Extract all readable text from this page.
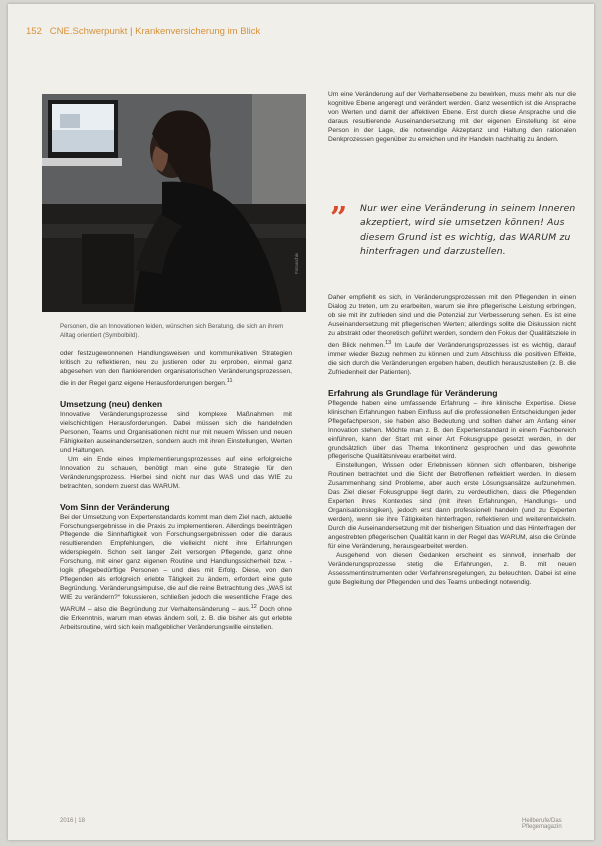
152 CNE.Schwerpunkt | Krankenversicherung im Blick
Fotoarchiv
Personen, die an Innovationen leiden, wünschen sich Beratung, die sich an ihrem Alltag orientiert (Symbolbild).

oder festzugewonnenen Handlungsweisen und kommunikativen Strategien kritisch zu reflektieren, neu zu justieren oder zu erproben, einmal ganz abgesehen von den flankierenden organisatorischen Veränderungsprozessen, die in der Regel ganz eigene Herausforderungen bergen.$^{11}$

Umsetzung (neu) denken

Innovative Veränderungsprozesse sind komplexe Maßnahmen mit vielschichtigen Herausforderungen. Dabei müssen sich die handelnden Personen, Teams und Organisationen nicht nur mit neuem Wissen und neuen Fähigkeiten auseinandersetzen, sondern auch mit ihren Einstellungen, Werten und Haltungen.

Um ein Ende eines Implementierungsprozesses auf eine erfolgreiche Innovation zu schauen, benötigt man eine gute Strategie für den Veränderungsprozess. Hierbei sind nicht nur das WAS und das WIE zu betrachten, sondern zuerst das WARUM.

Vom Sinn der Veränderung

Bei der Umsetzung von Expertenstandards kommt man dem Ziel nach, aktuelle Forschungsergebnisse in die Praxis zu implementieren. Allerdings beeinträgen Pflegende die Sinnhaftigkeit von Forschungsergebnissen oder die daraus resultierenden Empfehlungen, die vielleicht nicht ihre Erfahrungen widerspiegeln. Schon seit langer Zeit versorgen Pflegende, ganz ohne Forschung, mit einer ganz eigenen Routine und Handlungssicherheit bzw. -logik pflegebedürftige Personen – und dies mit Erfolg. Diese, von den Pflegenden als erfolgreich erlebte Tätigkeit zu ändern, erfordert eine gute Begründung. Veränderungsimpulse, die auf die reine Betrachtung des „WAS ist WIE zu verändern?“ fokussieren, schließen jedoch die wesentliche Frage des WARUM – also die Begründung zur Verhaltensänderung – aus.$^{12}$ Doch ohne die Erkenntnis, warum man etwas ändern soll, z. B. die bisher als gut erlebte Arbeitsroutine, wird sich kein maßgeblicher Veränderungswille einstellen.

Um eine Veränderung auf der Verhaltensebene zu bewirken, muss mehr als nur die kognitive Ebene angeregt und verändert werden. Ganz wesentlich ist die Ansprache von Werten und damit der affektiven Ebene. Erst durch diese Ansprache und die daraus resultierende Auseinandersetzung mit der eigenen Einstellung ist eine Person in der Lage, die notwendige Akzeptanz und Haltung den rationalen Denkprozessen gegenüber zu erreichen und ihr Handeln nachhaltig zu ändern.

” Nur wer eine Veränderung in seinem Inneren akzeptiert, wird sie umsetzen können! Aus diesem Grund ist es wichtig, das WARUM zu hinterfragen und darzustellen.

Daher empfiehlt es sich, in Veränderungsprozessen mit den Pflegenden in einen Dialog zu treten, um zu erarbeiten, warum sie ihre pflegerische Leistung erbringen, ob sie mit ihr zufrieden sind und die Potenzial zur Verbesserung sehen. Es ist eine Auseinandersetzung mit pflegerischen Werten; allerdings sollte die Diskussion nicht zu abstrakt oder theoretisch geführt werden, sondern den Fokus der Qualitätsziele in den Blick nehmen.$^{13}$ Im Laufe der Veränderungsprozesses ist es wichtig, darauf immer wieder Bezug nehmen zu können und zum Abschluss die positiven Effekte, die sich durch die Veränderungen ergeben haben, deutlich herauszustellen (z. B. die Zufriedenheit der Patienten).

Erfahrung als Grundlage für Veränderung

Pflegende haben eine umfassende Erfahrung – ihre klinische Expertise. Diese klinischen Erfahrungen haben Einfluss auf die professionellen Entscheidungen jeder Pflegefachperson, sie haben also Bedeutung und sollten daher am Anfang einer Innovation stehen. Möchte man z. B. den Expertenstandard in einem Fachbereich einführen, kann der Start mit einer Art Fokusgruppe gesetzt werden, in der grundsätzlich über das Thema Inkontinenz gesprochen und das gewohnte pflegerische Qualitätsniveau erarbeitet wird.

Einstellungen, Wissen oder Erlebnissen können sich offenbaren, bisherige Routinen betrachtet und die Sicht der Betroffenen reflektiert werden. In diesem Zusammenhang sind Probleme, aber auch erste Lösungsansätze aufzunehmen. Das Ziel dieser Fokusgruppe liegt darin, zu verdeutlichen, dass die Pflegenden Experten ihres Kontextes sind (mit ihren Erfahrungen, Handlungs- und Organisationslogiken), jedoch erst dann professionell handeln (und zu Experten werden), wenn sie ihre Tätigkeiten hinterfragen, reflektieren und weiterentwickeln. Durch die Auseinandersetzung mit der bisherigen Situation und das Hinterfragen der angestrebten pflegerischen Qualität kann in der Regel das WARUM, also die Gründe für eine Veränderung, herausgearbeitet werden.

Ausgehend von diesen Gedanken erscheint es sinnvoll, innerhalb der Veränderungsprozesse stetig die Erfahrungen, z. B. mit neuen Assessmentinstrumenten oder Verfahrensregelungen, zu beleuchten. Dabei ist eine gute Begleitung der Pflegenden und des Teams unbedingt notwendig.

2016 | 18	Heilberufe/Das Pflegemagazin
